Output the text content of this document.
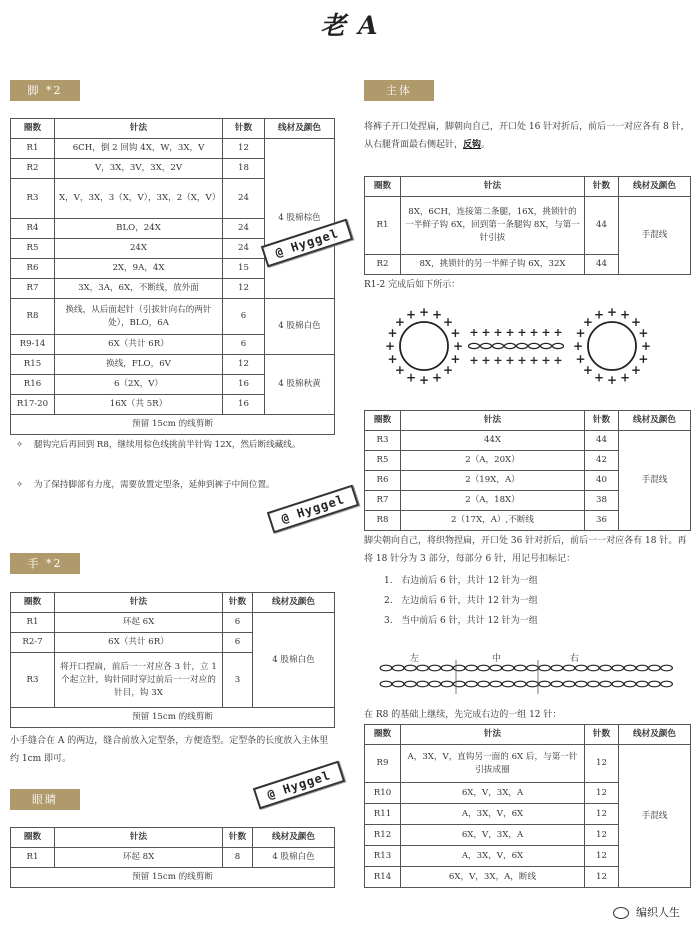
老 A
脚 *2
圈数	针法	针数	线材及颜色
R1	6CH，倒 2 回钩 4X，W，3X，V	12	4 股棉棕色
R2	V，3X，3V，3X，2V	18	
R3	X，V，3X，3（X，V），3X，2（X，V）	24	
R4	BLO，24X	24	
R5	24X	24	
R6	2X，9A，4X	15	
R7	3X，3A，6X，不断线，放外面	12	
R8	换线，从后面起针（引拔针向右的两针处），BLO，6A	6	4 股棉白色
R9-14	6X（共计 6R）	6	
R15	换线，FLO，6V	12	4 股棉秋黄
R16	6（2X，V）	16	
R17-20	16X（共 5R）	16	
预留 15cm 的线剪断			
✧ 腿钩完后再回到 R8，继续用棕色线挑前半针钩 12X，然后断线藏线。
✧ 为了保持脚部有力度，需要放置定型条，延伸到裤子中间位置。
手 *2
圈数	针法	针数	线材及颜色
R1	环起 6X	6	4 股棉白色
R2-7	6X（共计 6R）	6	
R3	将开口捏扁，前后一一对应各 3 针，立 1 个起立针，钩针同时穿过前后一一对应的针目，钩 3X	3	
预留 15cm 的线剪断			
小手缝合在 A 的两边，缝合前放入定型条，方便造型。定型条的长度放入主体里约 1cm 即可。
眼睛
圈数	针法	针数	线材及颜色
R1	环起 8X	8	4 股棉白色
预留 15cm 的线剪断			
主体
将裤子开口处捏扁，脚朝向自己，开口处 16 针对折后，前后一一对应各有 8 针，从右腿背面最右侧起针，反钩。
圈数	针法	针数	线材及颜色
R1	8X，6CH，连接第二条腿，16X，挑锁针的一半鲜子钩 6X，回到第一条腿钩 8X，与第一针引拔	44	手混线
R2	8X，挑锁针的另一半鲜子钩 6X，32X	44	
R1-2 完成后如下所示：
+
+
+
+
+
+
+
+
+
+
+
+ + +
+
+
+
+
+
+
+
+
+
+
+
+
+
+ + +
+
+
+
+
+
+
+
+
+
+
+
+
+
+
+
+
+
+
圈数	针法	针数	线材及颜色
R3	44X	44	手混线
R5	2（A，20X）	42	
R6	2（19X，A）	40	
R7	2（A，18X）	38	
R8	2（17X，A）,不断线	36	
脚尖朝向自己，将织物捏扁，开口处 36 针对折后，前后一一对应各有 18 针。再将 18 针分为 3 部分，每部分 6 针，用记号扣标记：
1. 右边前后 6 针，共计 12 针为一组
2. 左边前后 6 针，共计 12 针为一组
3. 当中前后 6 针，共计 12 针为一组
左	中	右
在 R8 的基础上继续，先完成右边的一组 12 针：
圈数	针法	针数	线材及颜色
R9	A，3X，V，直钩另一面的 6X 后，与第一针引拔成圈	12	手混线
R10	6X，V，3X，A	12	
R11	A，3X，V，6X	12	
R12	6X，V，3X，A	12	
R13	A，3X，V，6X	12	
R14	6X，V，3X，A，断线	12	
@ Hyggel
@ Hyggel
@ Hyggel
编织人生
